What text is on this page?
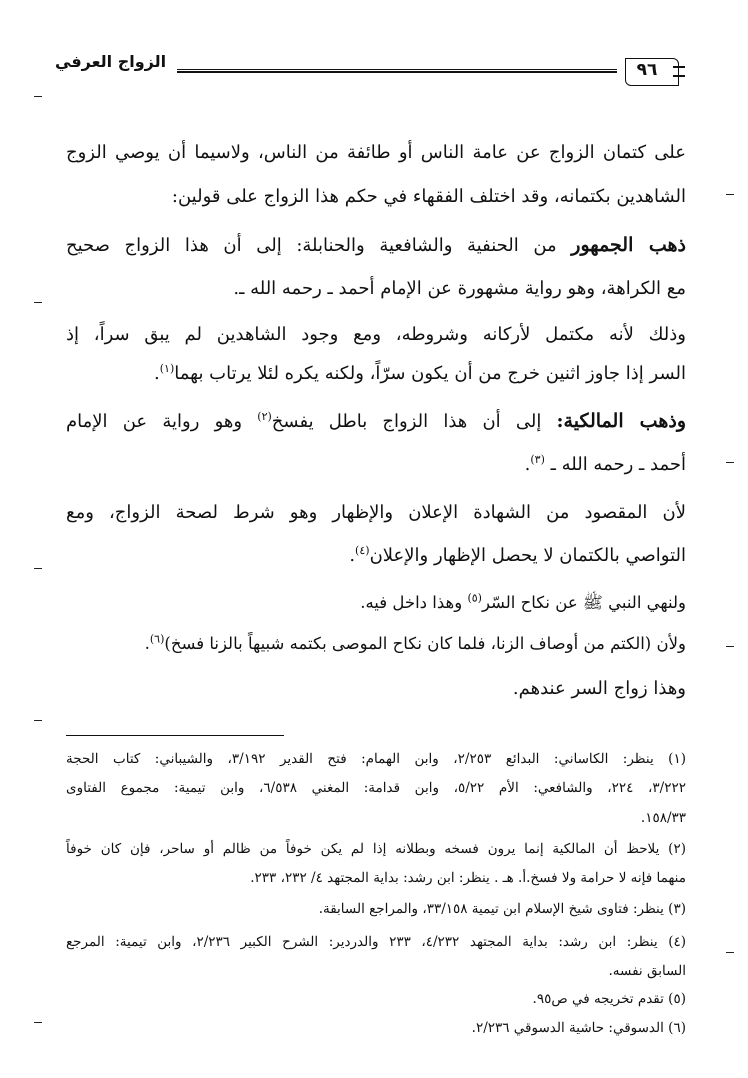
الزواج العرفي	٩٦
على كتمان الزواج عن عامة الناس أو طائفة من الناس، ولاسيما أن يوصي الزوج
الشاهدين بكتمانه، وقد اختلف الفقهاء في حكم هذا الزواج على قولين:
ذهب الجمهور من الحنفية والشافعية والحنابلة: إلى أن هذا الزواج صحيح
مع الكراهة، وهو رواية مشهورة عن الإمام أحمد ـ رحمه الله ـ.
وذلك لأنه مكتمل لأركانه وشروطه، ومع وجود الشاهدين لم يبق سراً، إذ
السر إذا جاوز اثنين خرج من أن يكون سرّاً، ولكنه يكره لئلا يرتاب بهما$^{(١)}$.
وذهب المالكية: إلى أن هذا الزواج باطل يفسخ$^{(٢)}$ وهو رواية عن الإمام
أحمد ـ رحمه الله ـ $^{(٣)}$.
لأن المقصود من الشهادة الإعلان والإظهار وهو شرط لصحة الزواج، ومع
التواصي بالكتمان لا يحصل الإظهار والإعلان$^{(٤)}$.
ولنهي النبي ﷺ عن نكاح السّر$^{(٥)}$ وهذا داخل فيه.
ولأن (الكتم من أوصاف الزنا، فلما كان نكاح الموصى بكتمه شبيهاً بالزنا فسخ)$^{(٦)}$.
وهذا زواج السر عندهم.
(١) ينظر: الكاساني: البدائع ٢/٢٥٣، وابن الهمام: فتح القدير ٣/١٩٢، والشيباني: كتاب الحجة
٣/٢٢٢، ٢٢٤، والشافعي: الأم ٥/٢٢، وابن قدامة: المغني ٦/٥٣٨، وابن تيمية: مجموع الفتاوى
١٥٨/٣٣.
(٢) يلاحظ أن المالكية إنما يرون فسخه وبطلانه إذا لم يكن خوفاً من ظالم أو ساحر، فإن كان خوفاً
منهما فإنه لا حرامة ولا فسخ.أ. هـ . ينظر: ابن رشد: بداية المجتهد ٤/ ٢٣٢، ٢٣٣.
(٣) ينظر: فتاوى شيخ الإسلام ابن تيمية ٣٣/١٥٨، والمراجع السابقة.
(٤) ينظر: ابن رشد: بداية المجتهد ٤/٢٣٢، ٢٣٣ والدردير: الشرح الكبير ٢/٢٣٦، وابن تيمية: المرجع
السابق نفسه.
(٥) تقدم تخريجه في ص٩٥.
(٦) الدسوقي: حاشية الدسوقي ٢/٢٣٦.
